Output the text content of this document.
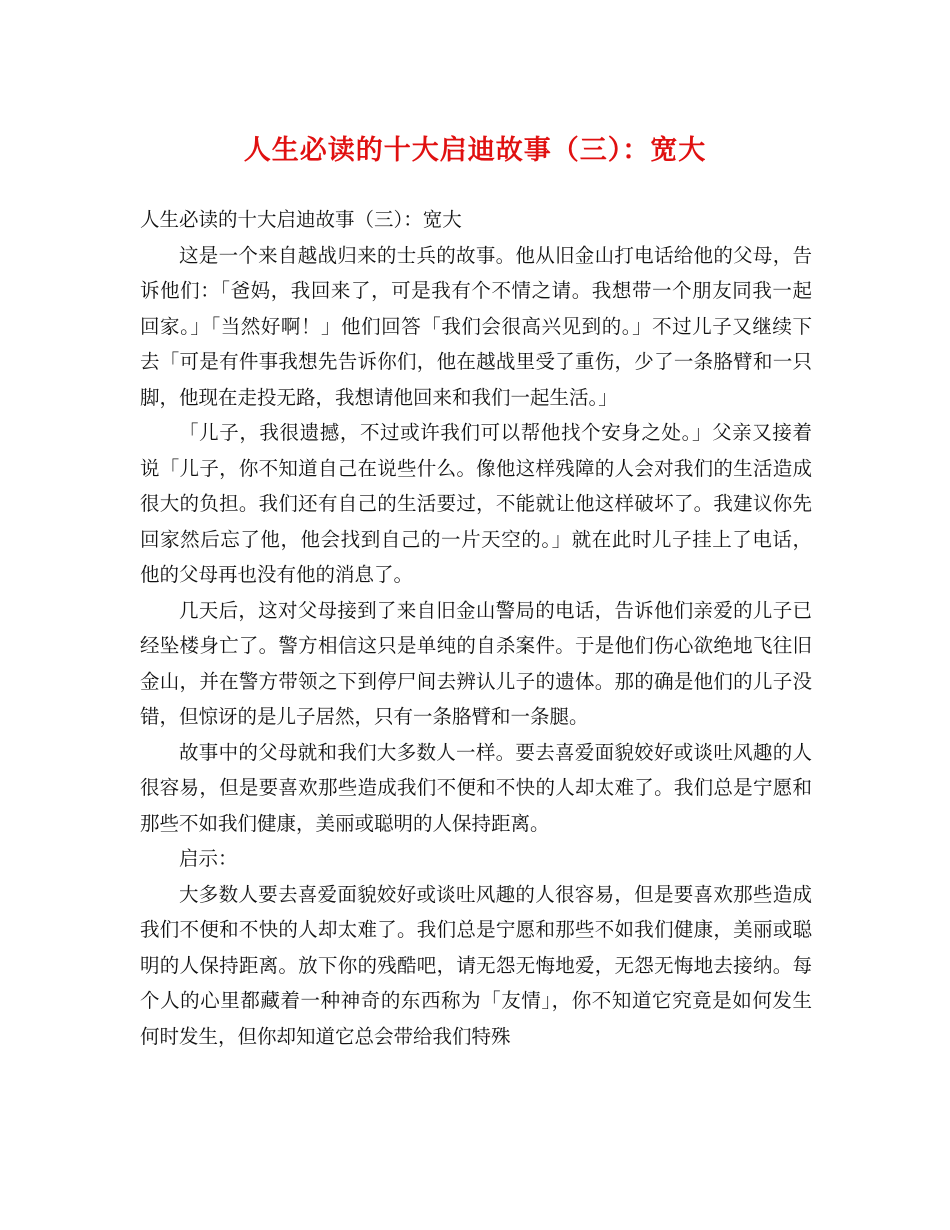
人生必读的十大启迪故事（三）：宽大

人生必读的十大启迪故事（三）：宽大

这是一个来自越战归来的士兵的故事。他从旧金山打电话给他的父母，告诉他们：「爸妈，我回来了，可是我有个不情之请。我想带一个朋友同我一起回家。」「当然好啊！」他们回答「我们会很高兴见到的。」不过儿子又继续下去「可是有件事我想先告诉你们，他在越战里受了重伤，少了一条胳臂和一只脚，他现在走投无路，我想请他回来和我们一起生活。」

「儿子，我很遗撼，不过或许我们可以帮他找个安身之处。」父亲又接着说「儿子，你不知道自己在说些什么。像他这样残障的人会对我们的生活造成很大的负担。我们还有自己的生活要过，不能就让他这样破坏了。我建议你先回家然后忘了他，他会找到自己的一片天空的。」就在此时儿子挂上了电话，他的父母再也没有他的消息了。

几天后，这对父母接到了来自旧金山警局的电话，告诉他们亲爱的儿子已经坠楼身亡了。警方相信这只是单纯的自杀案件。于是他们伤心欲绝地飞往旧金山，并在警方带领之下到停尸间去辨认儿子的遗体。那的确是他们的儿子没错，但惊讶的是儿子居然，只有一条胳臂和一条腿。

故事中的父母就和我们大多数人一样。要去喜爱面貌姣好或谈吐风趣的人很容易，但是要喜欢那些造成我们不便和不快的人却太难了。我们总是宁愿和那些不如我们健康，美丽或聪明的人保持距离。

启示：

大多数人要去喜爱面貌姣好或谈吐风趣的人很容易，但是要喜欢那些造成我们不便和不快的人却太难了。我们总是宁愿和那些不如我们健康，美丽或聪明的人保持距离。放下你的残酷吧，请无怨无悔地爱，无怨无悔地去接纳。每个人的心里都藏着一种神奇的东西称为「友情」，你不知道它究竟是如何发生何时发生，但你却知道它总会带给我们特殊
